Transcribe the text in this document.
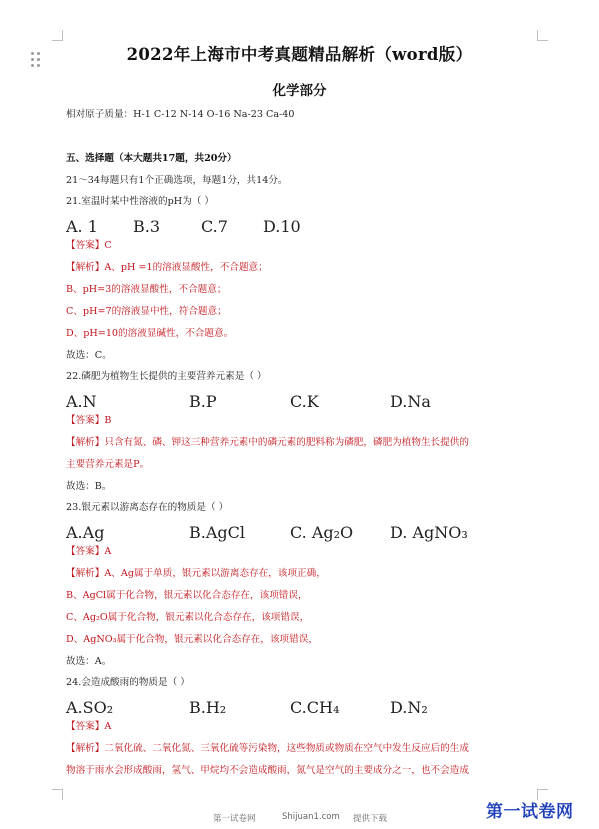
2022年上海市中考真题精品解析（word版）
化学部分
相对原子质量：H-1 C-12 N-14 O-16 Na-23 Ca-40
五、选择题（本大题共17题，共20分）
21～34每题只有1个正确选项，每题1分，共14分。
21.室温时某中性溶液的pH为（ ）
A. 1 B.3	C.7 D.10
【答案】C
【解析】A、pH =1的溶液显酸性，不合题意；
B、pH=3的溶液显酸性，不合题意；
C、pH=7的溶液显中性，符合题意；
D、pH=10的溶液显碱性，不合题意。
故选：C。
22.磷肥为植物生长提供的主要营养元素是（ ）
A.N	B.P	C.K	D.Na
【答案】B
【解析】只含有氮、磷、钾这三种营养元素中的磷元素的肥料称为磷肥，磷肥为植物生长提供的
主要营养元素是P。
故选：B。
23.银元素以游离态存在的物质是（ ）
A.Ag	B.AgCl	C. Ag₂O D. AgNO₃
【答案】A
【解析】A、Ag属于单质，银元素以游离态存在，该项正确，
B、AgCl属于化合物，银元素以化合态存在，该项错误，
C、Ag₂O属于化合物，银元素以化合态存在，该项错误，
D、AgNO₃属于化合物，银元素以化合态存在，该项错误，
故选：A。
24.会造成酸雨的物质是（ ）
A.SO₂	B.H₂	C.CH₄	D.N₂
【答案】A
【解析】二氧化硫、二氧化氮、三氧化硫等污染物，这些物质或物质在空气中发生反应后的生成
物溶于雨水会形成酸雨，氢气、甲烷均不会造成酸雨，氮气是空气的主要成分之一，也不会造成
第一试卷网	Shijuan1.com 提供下载	第一试卷网
